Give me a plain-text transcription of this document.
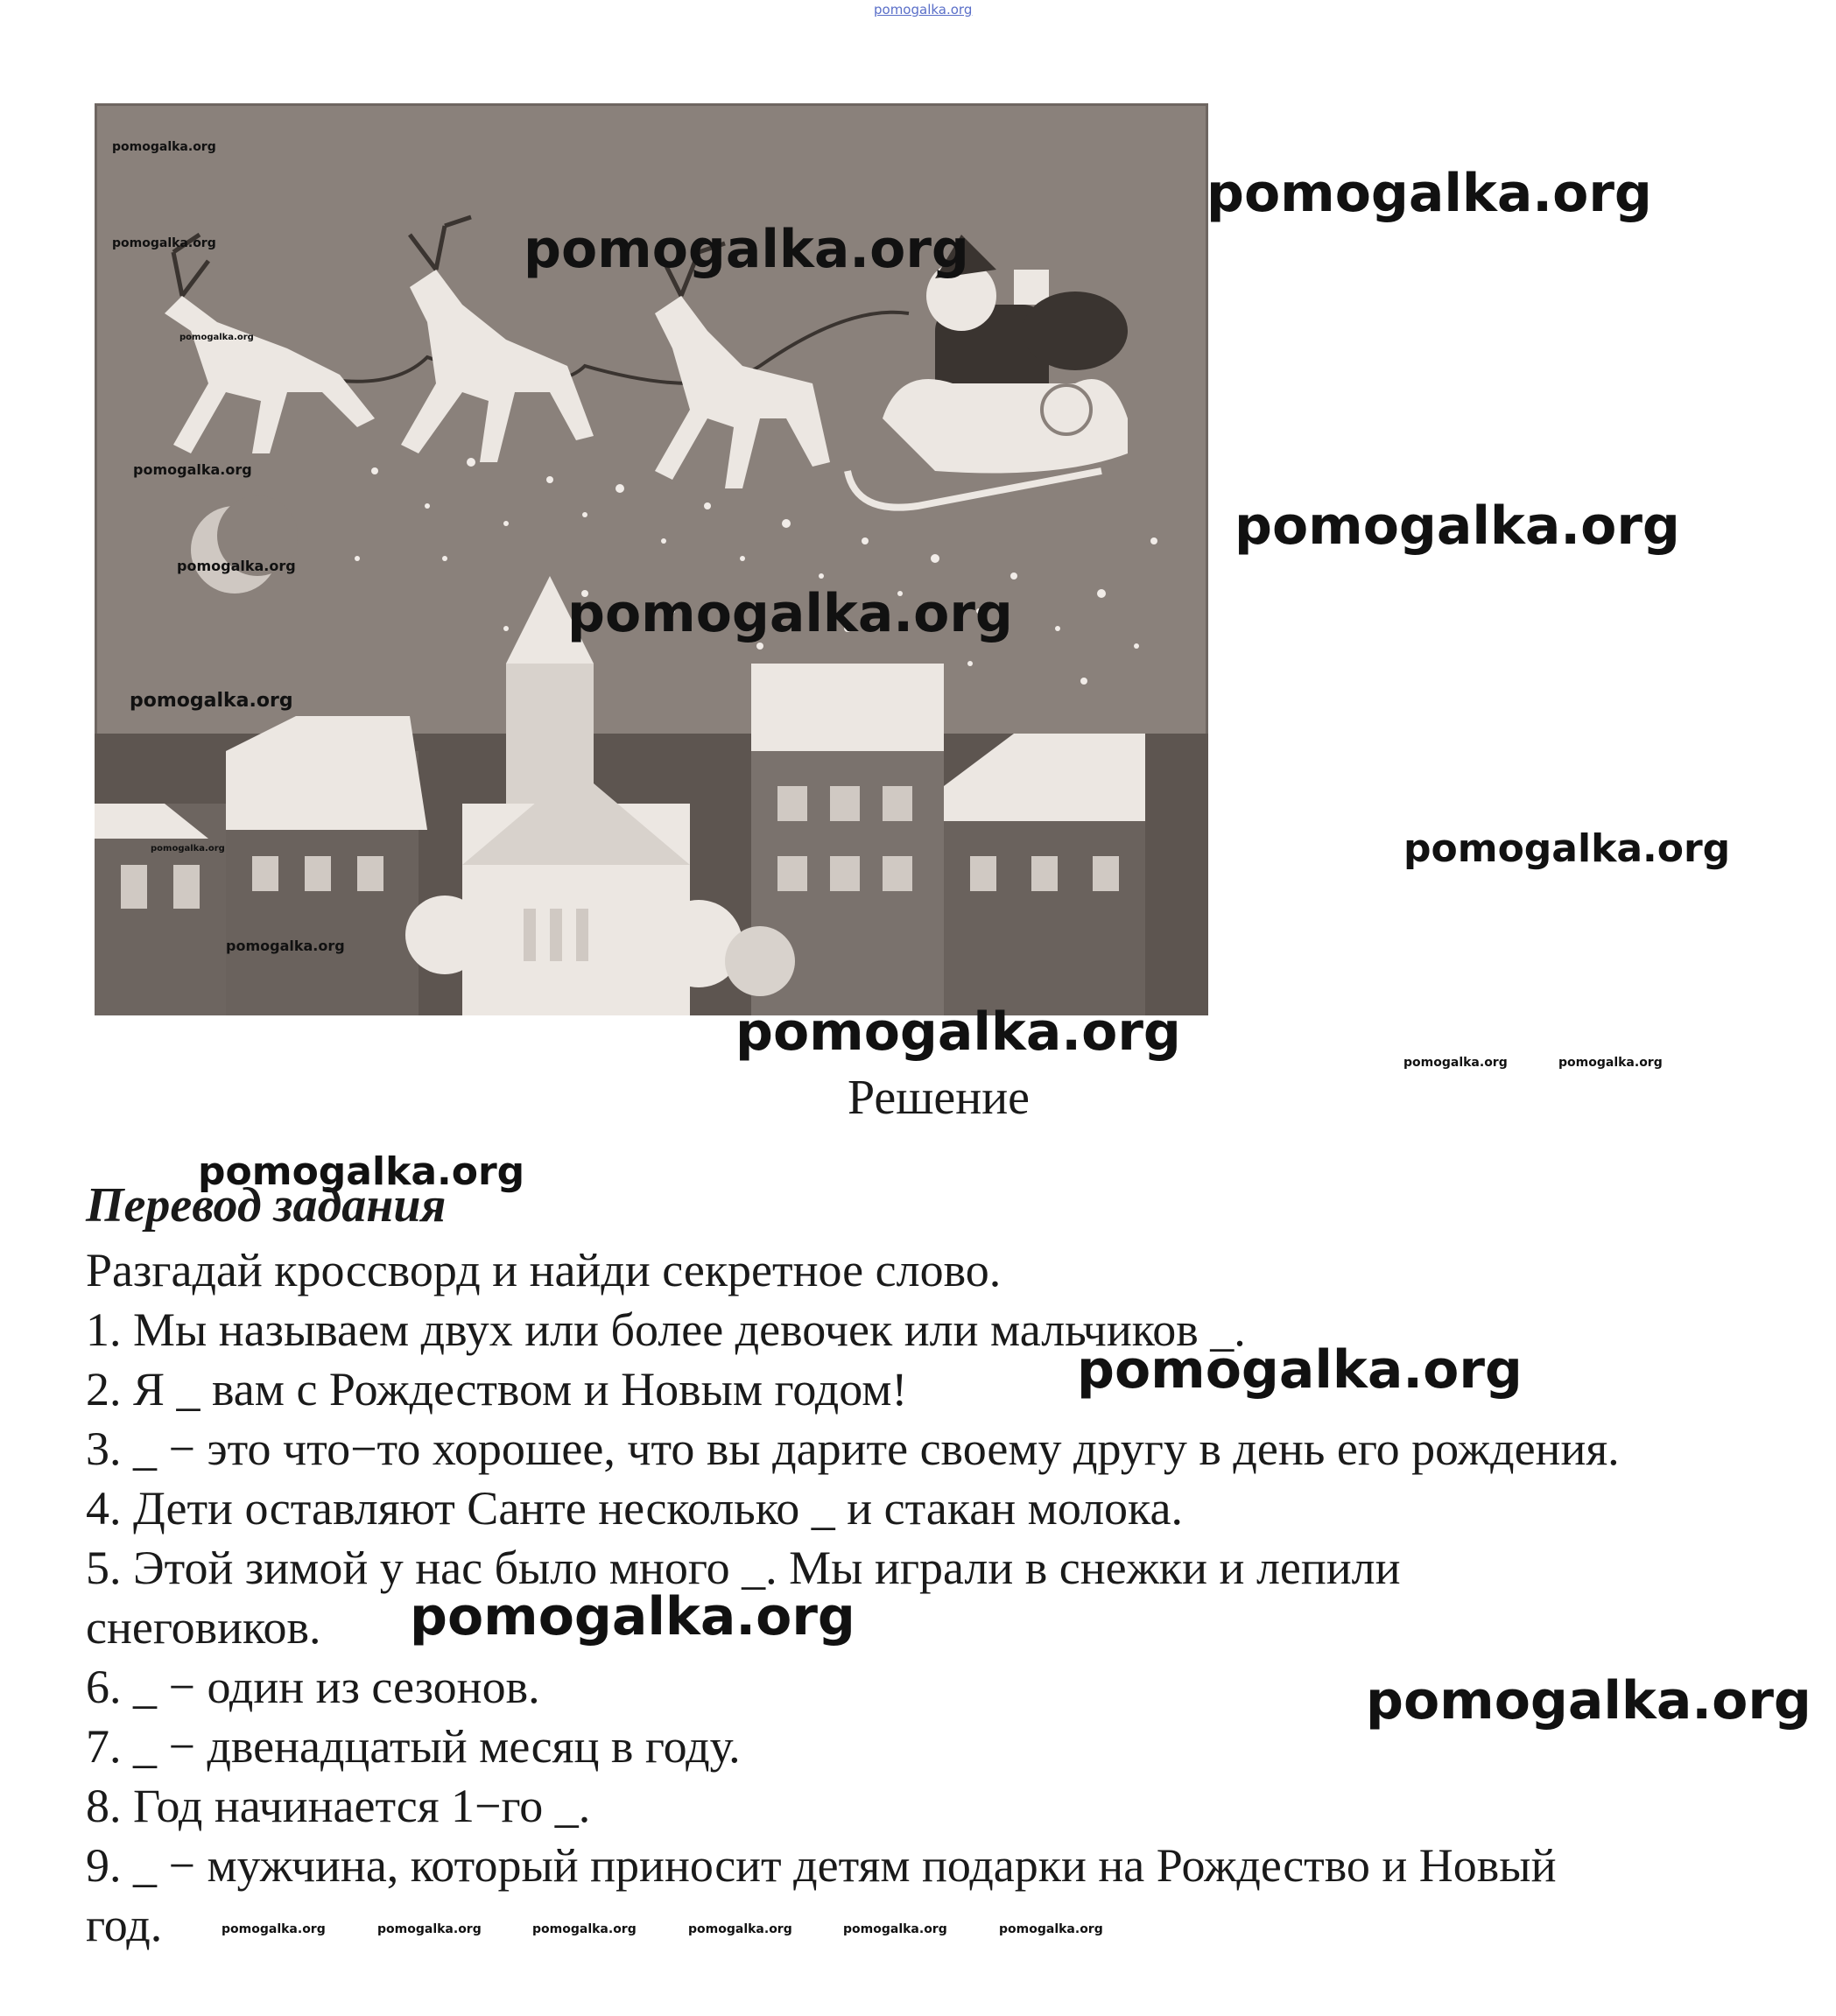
pomogalka.org
pomogalka.org
pomogalka.org
pomogalka.org
pomogalka.org
pomogalka.org
pomogalka.org
pomogalka.org
pomogalka.org
pomogalka.org
pomogalka.org
pomogalka.org
pomogalka.org
pomogalka.org
pomogalka.org	pomogalka.org	pomogalka.org
pomogalka.org
Решение
Перевод задания
Разгадай кроссворд и найди секретное слово.
1. Мы называем двух или более девочек или мальчиков _.
2. Я _ вам с Рождеством и Новым годом!
3. _ − это что−то хорошее, что вы дарите своему другу в день его рождения.
4. Дети оставляют Санте несколько _ и стакан молока.
5. Этой зимой у нас было много _. Мы играли в снежки и лепили
снеговиков.
6. _ − один из сезонов.
7. _ − двенадцатый месяц в году.
8. Год начинается 1−го _.
9. _ − мужчина, который приносит детям подарки на Рождество и Новый
год.
pomogalka.org
pomogalka.org
pomogalka.org
pomogalka.org	pomogalka.org	pomogalka.org	pomogalka.org	pomogalka.org	pomogalka.org
